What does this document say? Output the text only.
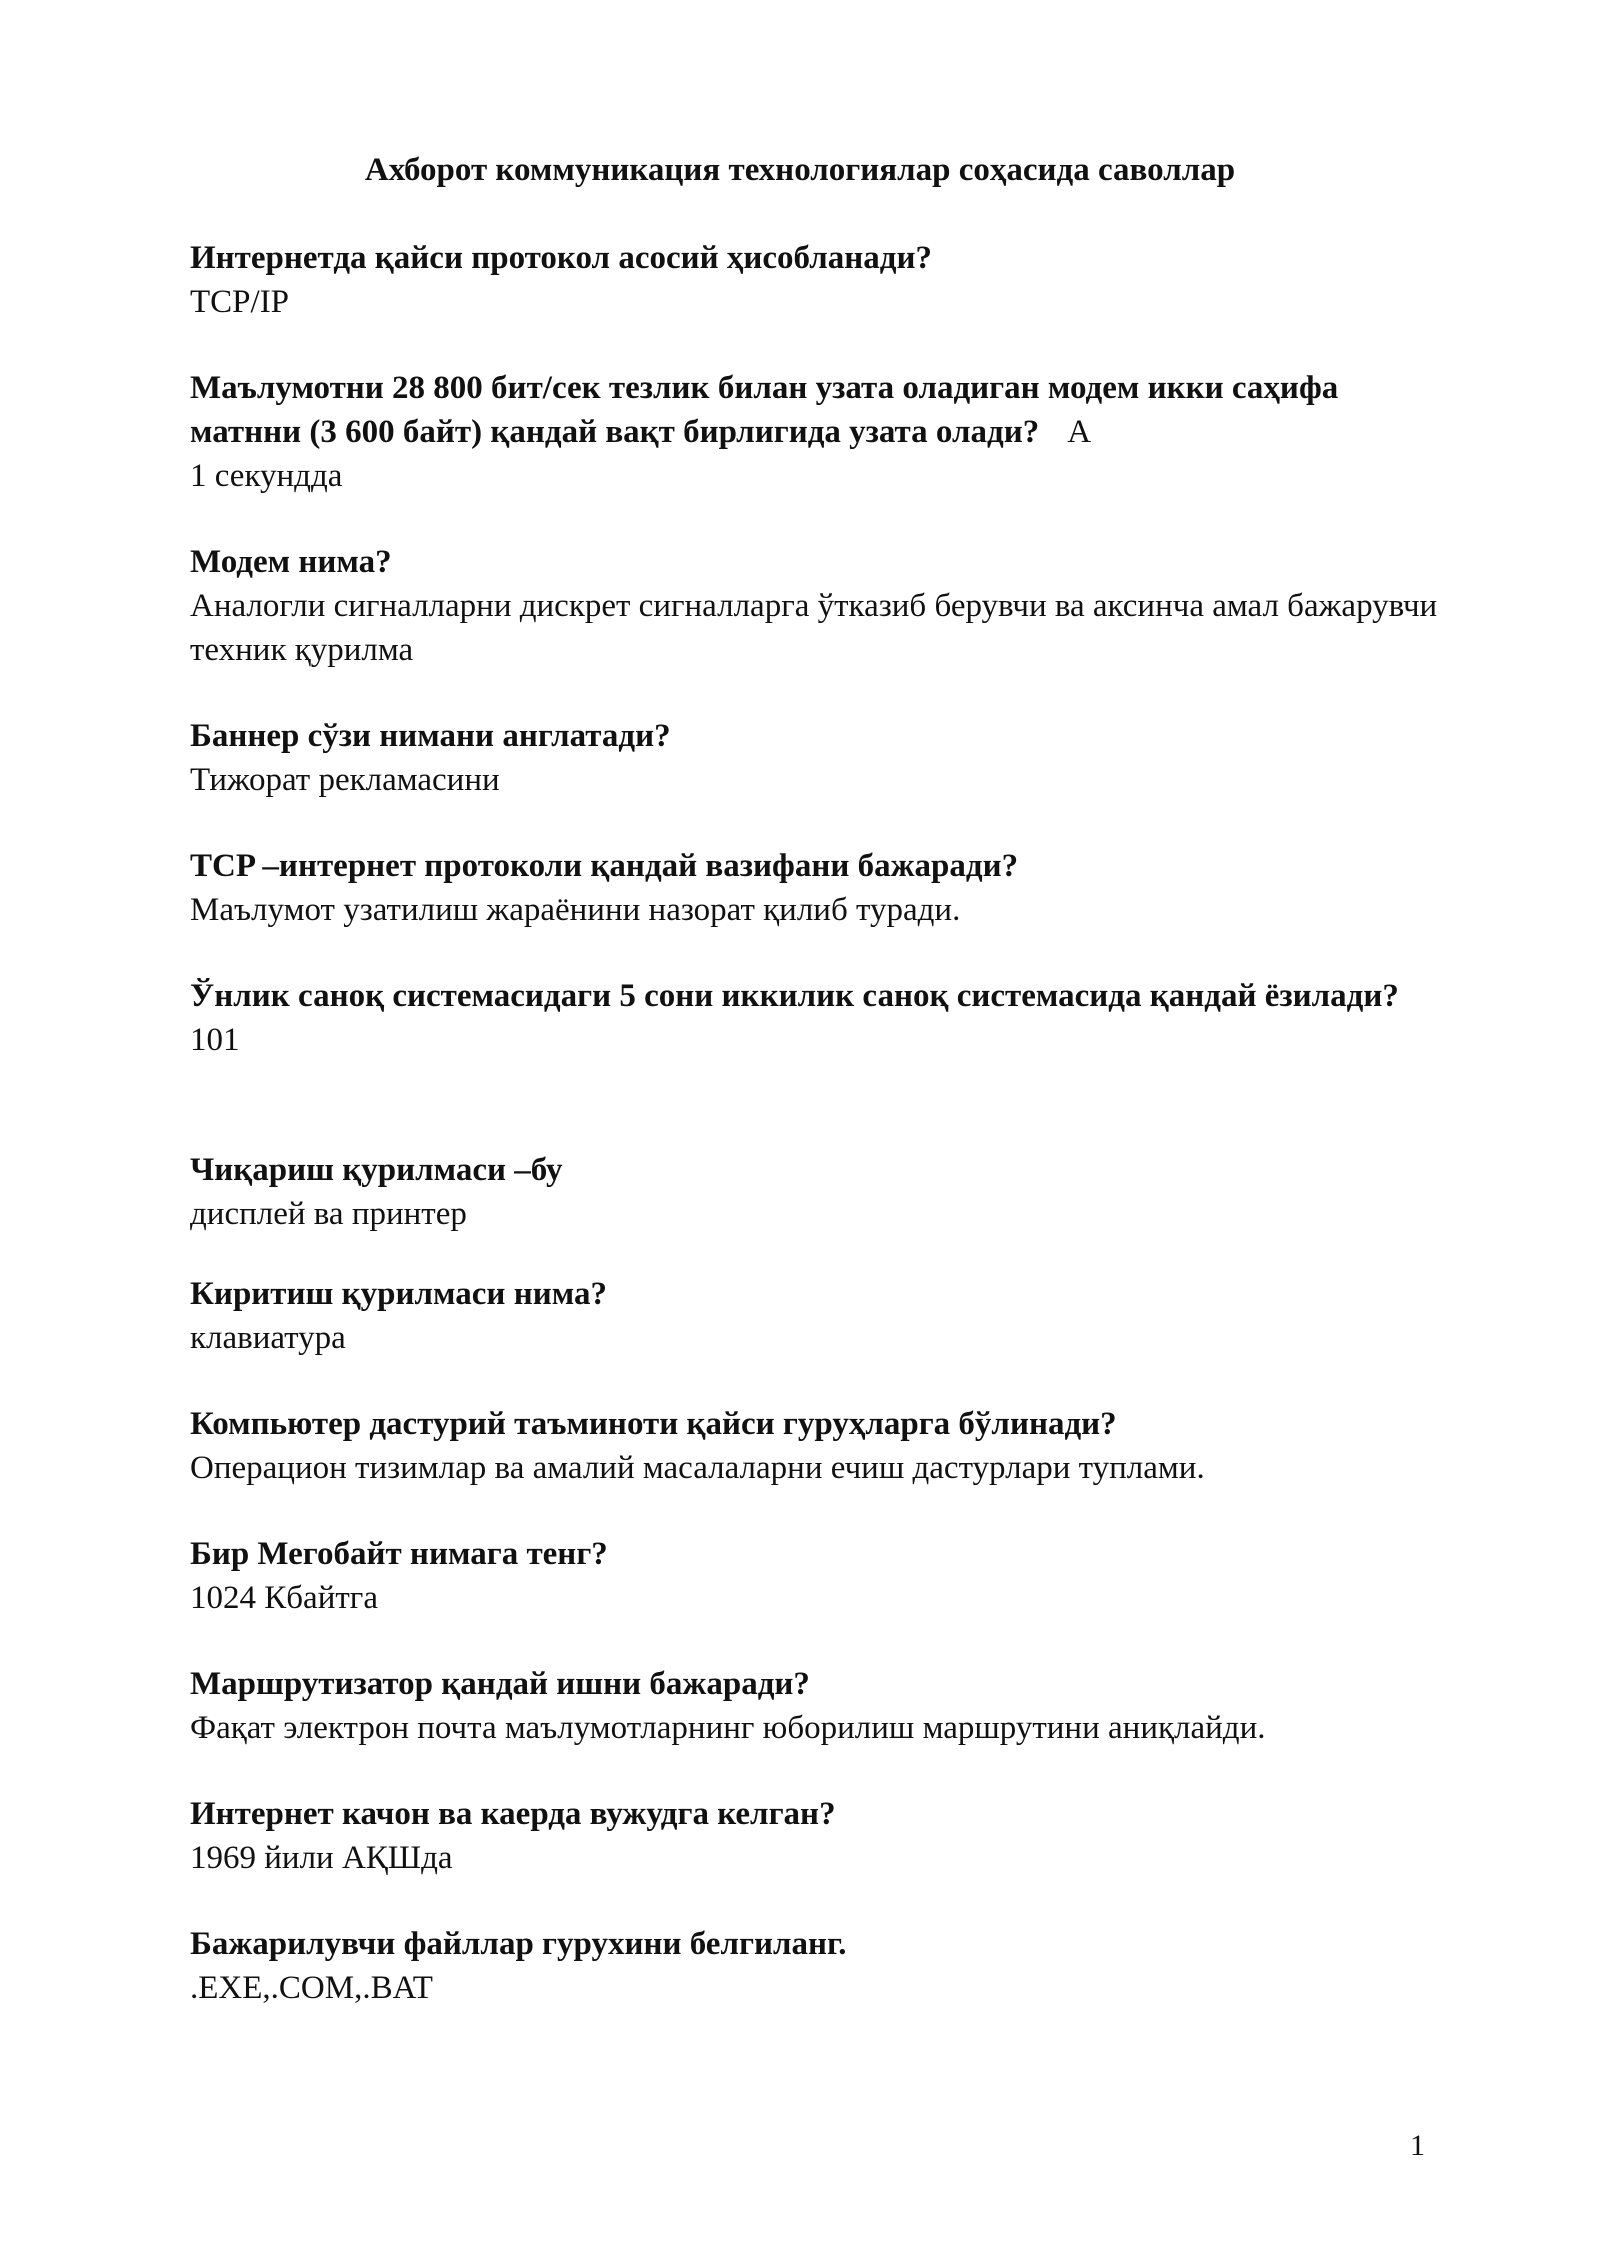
Ахборот коммуникация технологиялар соҳасида саволлар
Интернетда қайси протокол асосий ҳисобланади?
TCP/IP
Маълумотни 28 800 бит/сек тезлик билан узата оладиган модем икки саҳифа матнни (3 600 байт) қандай вақт бирлигида узата олади? A
1 секундда
Модем нима?
Аналогли сигналларни дискрет сигналларга ўтказиб берувчи ва аксинча амал бажарувчи техник қурилма
Баннер сўзи нимани англатади?
Тижорат рекламасини
TCP –интернет протоколи қандай вазифани бажаради?
Маълумот узатилиш жараёнини назорат қилиб туради.
Ўнлик саноқ системасидаги 5 сони иккилик саноқ системасида қандай ёзилади?
101
Чиқариш қурилмаси –бу
дисплей ва принтер
Киритиш қурилмаси нима?
клавиатура
Компьютер дастурий таъминоти қайси гуруҳларга бўлинади?
Операцион тизимлар ва амалий масалаларни ечиш дастурлари туплами.
Бир Мегобайт нимага тенг?
1024 Кбайтга
Маршрутизатор қандай ишни бажаради?
Фақат электрон почта маълумотларнинг юборилиш маршрутини аниқлайди.
Интернет качон ва каерда вужудга келган?
1969 йили АҚШда
Бажарилувчи файллар гурухини белгиланг.
.EXE,.COM,.BAT
1
